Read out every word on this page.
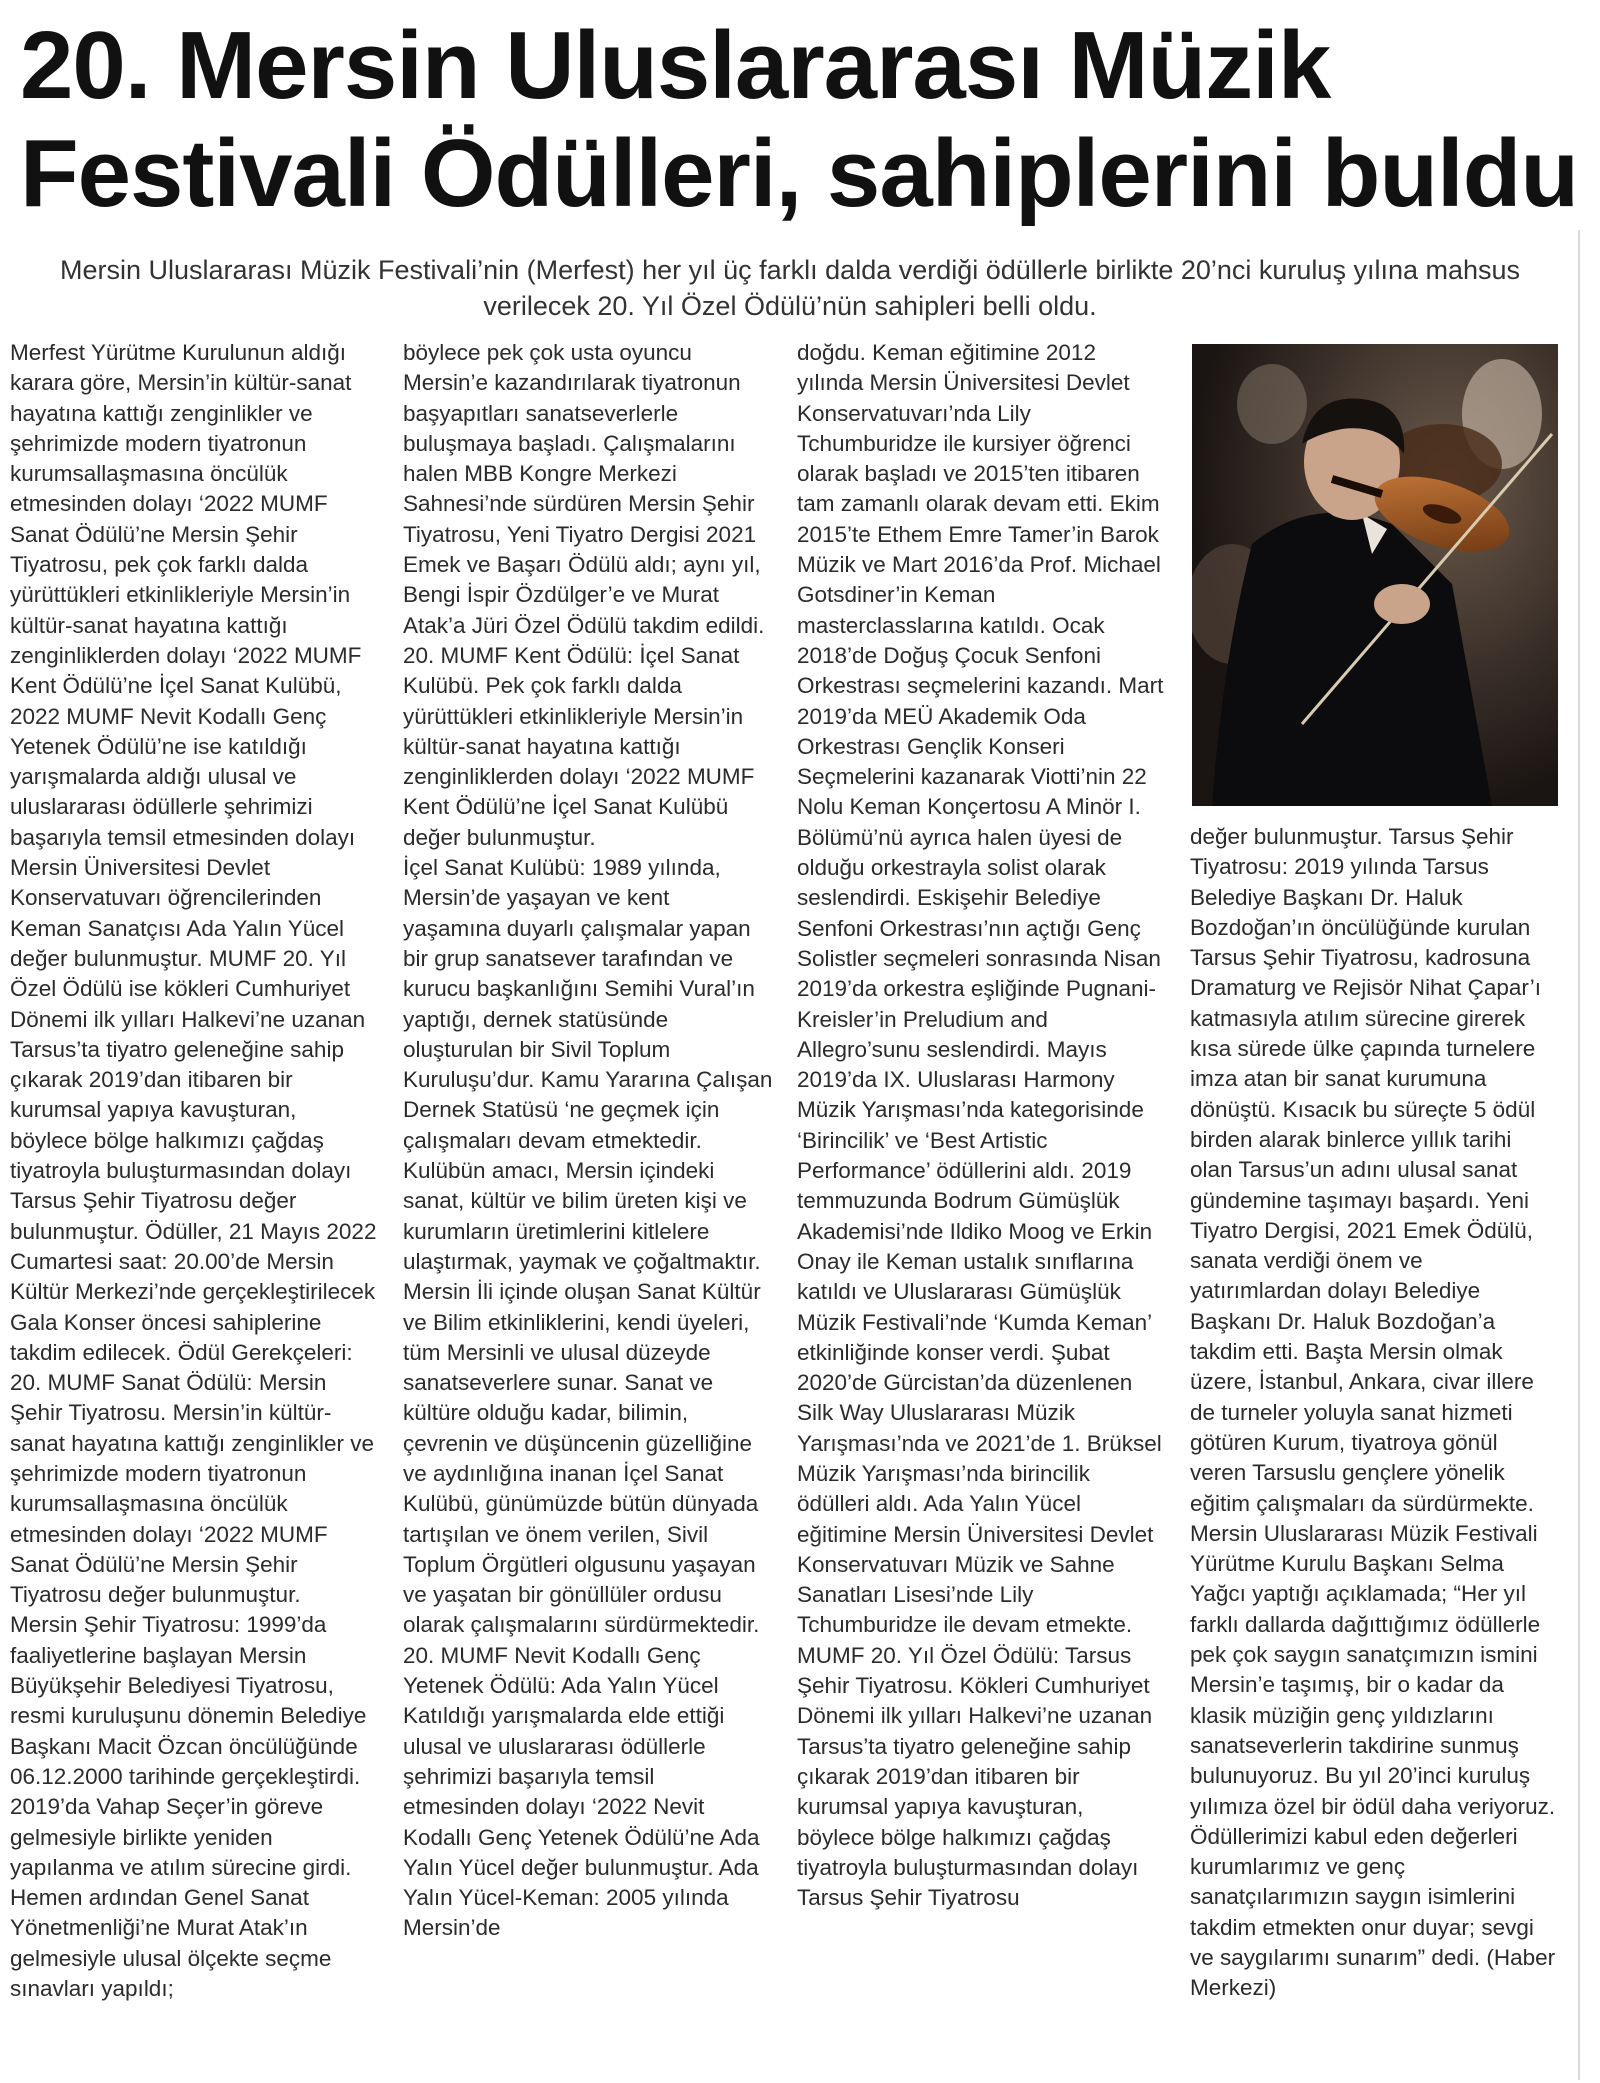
20. Mersin Uluslararası Müzik
Festivali Ödülleri, sahiplerini buldu

Mersin Uluslararası Müzik Festivali’nin (Merfest) her yıl üç farklı dalda verdiği ödüllerle birlikte 20’nci kuruluş yılına mahsus verilecek 20. Yıl Özel Ödülü’nün sahipleri belli oldu.

Merfest Yürütme Kurulunun aldığı karara göre, Mersin’in kültür-sanat hayatına kattığı zenginlikler ve şehrimizde modern tiyatronun kurumsallaşmasına öncülük etmesinden dolayı ‘2022 MUMF Sanat Ödülü’ne Mersin Şehir Tiyatrosu, pek çok farklı dalda yürüttükleri etkinlikleriyle Mersin’in kültür-sanat hayatına kattığı zenginliklerden dolayı ‘2022 MUMF Kent Ödülü’ne İçel Sanat Kulübü, 2022 MUMF Nevit Kodallı Genç Yetenek Ödülü’ne ise katıldığı yarışmalarda aldığı ulusal ve uluslararası ödüllerle şehrimizi başarıyla temsil etmesinden dolayı Mersin Üniversitesi Devlet Konservatuvarı öğrencilerinden Keman Sanatçısı Ada Yalın Yücel değer bulunmuştur. MUMF 20. Yıl Özel Ödülü ise kökleri Cumhuriyet Dönemi ilk yılları Halkevi’ne uzanan Tarsus’ta tiyatro geleneğine sahip çıkarak 2019’dan itibaren bir kurumsal yapıya kavuşturan, böylece bölge halkımızı çağdaş tiyatroyla buluşturmasından dolayı Tarsus Şehir Tiyatrosu değer bulunmuştur. Ödüller, 21 Mayıs 2022 Cumartesi saat: 20.00’de Mersin Kültür Merkezi’nde gerçekleştirilecek Gala Konser öncesi sahiplerine takdim edilecek. Ödül Gerekçeleri:
20. MUMF Sanat Ödülü: Mersin Şehir Tiyatrosu. Mersin’in kültür-sanat hayatına kattığı zenginlikler ve şehrimizde modern tiyatronun kurumsallaşmasına öncülük etmesinden dolayı ‘2022 MUMF Sanat Ödülü’ne Mersin Şehir Tiyatrosu değer bulunmuştur.
Mersin Şehir Tiyatrosu: 1999’da faaliyetlerine başlayan Mersin Büyükşehir Belediyesi Tiyatrosu, resmi kuruluşunu dönemin Belediye Başkanı Macit Özcan öncülüğünde 06.12.2000 tarihinde gerçekleştirdi. 2019’da Vahap Seçer’in göreve gelmesiyle birlikte yeniden yapılanma ve atılım sürecine girdi. Hemen ardından Genel Sanat Yönetmenliği’ne Murat Atak’ın gelmesiyle ulusal ölçekte seçme sınavları yapıldı;

böylece pek çok usta oyuncu Mersin’e kazandırılarak tiyatronun başyapıtları sanatseverlerle buluşmaya başladı. Çalışmalarını halen MBB Kongre Merkezi Sahnesi’nde sürdüren Mersin Şehir Tiyatrosu, Yeni Tiyatro Dergisi 2021 Emek ve Başarı Ödülü aldı; aynı yıl, Bengi İspir Özdülger’e ve Murat Atak’a Jüri Özel Ödülü takdim edildi.
20. MUMF Kent Ödülü: İçel Sanat Kulübü. Pek çok farklı dalda yürüttükleri etkinlikleriyle Mersin’in kültür-sanat hayatına kattığı zenginliklerden dolayı ‘2022 MUMF Kent Ödülü’ne İçel Sanat Kulübü değer bulunmuştur.
İçel Sanat Kulübü: 1989 yılında, Mersin’de yaşayan ve kent yaşamına duyarlı çalışmalar yapan bir grup sanatsever tarafından ve kurucu başkanlığını Semihi Vural’ın yaptığı, dernek statüsünde oluşturulan bir Sivil Toplum Kuruluşu’dur. Kamu Yararına Çalışan Dernek Statüsü ‘ne geçmek için çalışmaları devam etmektedir. Kulübün amacı, Mersin içindeki sanat, kültür ve bilim üreten kişi ve kurumların üretimlerini kitlelere ulaştırmak, yaymak ve çoğaltmaktır. Mersin İli içinde oluşan Sanat Kültür ve Bilim etkinliklerini, kendi üyeleri, tüm Mersinli ve ulusal düzeyde sanatseverlere sunar. Sanat ve kültüre olduğu kadar, bilimin, çevrenin ve düşüncenin güzelliğine ve aydınlığına inanan İçel Sanat Kulübü, günümüzde bütün dünyada tartışılan ve önem verilen, Sivil Toplum Örgütleri olgusunu yaşayan ve yaşatan bir gönüllüler ordusu olarak çalışmalarını sürdürmektedir.
20. MUMF Nevit Kodallı Genç Yetenek Ödülü: Ada Yalın Yücel Katıldığı yarışmalarda elde ettiği ulusal ve uluslararası ödüllerle şehrimizi başarıyla temsil etmesinden dolayı ‘2022 Nevit Kodallı Genç Yetenek Ödülü’ne Ada Yalın Yücel değer bulunmuştur. Ada Yalın Yücel-Keman: 2005 yılında Mersin’de

doğdu. Keman eğitimine 2012 yılında Mersin Üniversitesi Devlet Konservatuvarı’nda Lily Tchumburidze ile kursiyer öğrenci olarak başladı ve 2015’ten itibaren tam zamanlı olarak devam etti. Ekim 2015’te Ethem Emre Tamer’in Barok Müzik ve Mart 2016’da Prof. Michael Gotsdiner’in Keman masterclasslarına katıldı. Ocak 2018’de Doğuş Çocuk Senfoni Orkestrası seçmelerini kazandı. Mart 2019’da MEÜ Akademik Oda Orkestrası Gençlik Konseri Seçmelerini kazanarak Viotti’nin 22 Nolu Keman Konçertosu A Minör I. Bölümü’nü ayrıca halen üyesi de olduğu orkestrayla solist olarak seslendirdi. Eskişehir Belediye Senfoni Orkestrası’nın açtığı Genç Solistler seçmeleri sonrasında Nisan 2019’da orkestra eşliğinde Pugnani-Kreisler’in Preludium and Allegro’sunu seslendirdi. Mayıs 2019’da IX. Uluslarası Harmony Müzik Yarışması’nda kategorisinde ‘Birincilik’ ve ‘Best Artistic Performance’ ödüllerini aldı. 2019 temmuzunda Bodrum Gümüşlük Akademisi’nde Ildiko Moog ve Erkin Onay ile Keman ustalık sınıflarına katıldı ve Uluslararası Gümüşlük Müzik Festivali’nde ‘Kumda Keman’ etkinliğinde konser verdi. Şubat 2020’de Gürcistan’da düzenlenen Silk Way Uluslararası Müzik Yarışması’nda ve 2021’de 1. Brüksel Müzik Yarışması’nda birincilik ödülleri aldı. Ada Yalın Yücel eğitimine Mersin Üniversitesi Devlet Konservatuvarı Müzik ve Sahne Sanatları Lisesi’nde Lily Tchumburidze ile devam etmekte.
MUMF 20. Yıl Özel Ödülü: Tarsus Şehir Tiyatrosu. Kökleri Cumhuriyet Dönemi ilk yılları Halkevi’ne uzanan Tarsus’ta tiyatro geleneğine sahip çıkarak 2019’dan itibaren bir kurumsal yapıya kavuşturan, böylece bölge halkımızı çağdaş tiyatroyla buluşturmasından dolayı Tarsus Şehir Tiyatrosu

değer bulunmuştur. Tarsus Şehir Tiyatrosu: 2019 yılında Tarsus Belediye Başkanı Dr. Haluk Bozdoğan’ın öncülüğünde kurulan Tarsus Şehir Tiyatrosu, kadrosuna Dramaturg ve Rejisör Nihat Çapar’ı katmasıyla atılım sürecine girerek kısa sürede ülke çapında turnelere imza atan bir sanat kurumuna dönüştü. Kısacık bu süreçte 5 ödül birden alarak binlerce yıllık tarihi olan Tarsus’un adını ulusal sanat gündemine taşımayı başardı. Yeni Tiyatro Dergisi, 2021 Emek Ödülü, sanata verdiği önem ve yatırımlardan dolayı Belediye Başkanı Dr. Haluk Bozdoğan’a takdim etti. Başta Mersin olmak üzere, İstanbul, Ankara, civar illere de turneler yoluyla sanat hizmeti götüren Kurum, tiyatroya gönül veren Tarsuslu gençlere yönelik eğitim çalışmaları da sürdürmekte. Mersin Uluslararası Müzik Festivali Yürütme Kurulu Başkanı Selma Yağcı yaptığı açıklamada; “Her yıl farklı dallarda dağıttığımız ödüllerle pek çok saygın sanatçımızın ismini Mersin’e taşımış, bir o kadar da klasik müziğin genç yıldızlarını sanatseverlerin takdirine sunmuş bulunuyoruz. Bu yıl 20’inci kuruluş yılımıza özel bir ödül daha veriyoruz. Ödüllerimizi kabul eden değerleri kurumlarımız ve genç sanatçılarımızın saygın isimlerini takdim etmekten onur duyar; sevgi ve saygılarımı sunarım” dedi. (Haber Merkezi)
